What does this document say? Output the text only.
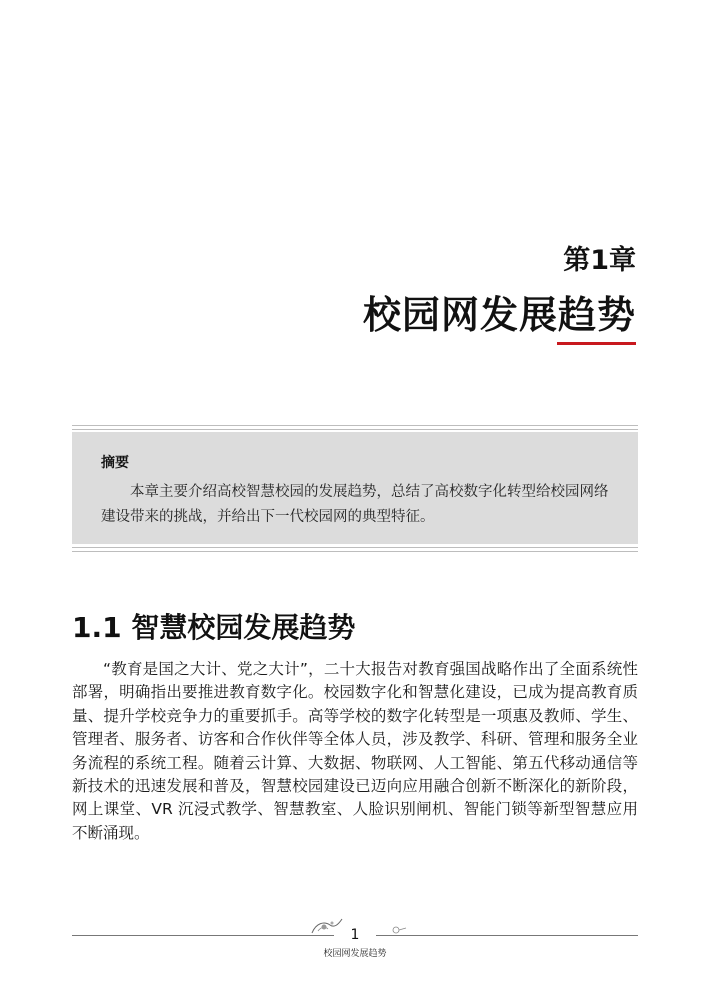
第1章
校园网发展趋势
摘要
本章主要介绍高校智慧校园的发展趋势，总结了高校数字化转型给校园网络建设带来的挑战，并给出下一代校园网的典型特征。
1.1 智慧校园发展趋势
“教育是国之大计、党之大计”，二十大报告对教育强国战略作出了全面系统性部署，明确指出要推进教育数字化。校园数字化和智慧化建设，已成为提高教育质量、提升学校竞争力的重要抓手。高等学校的数字化转型是一项惠及教师、学生、管理者、服务者、访客和合作伙伴等全体人员，涉及教学、科研、管理和服务全业务流程的系统工程。随着云计算、大数据、物联网、人工智能、第五代移动通信等新技术的迅速发展和普及，智慧校园建设已迈向应用融合创新不断深化的新阶段，网上课堂、VR 沉浸式教学、智慧教室、人脸识别闸机、智能门锁等新型智慧应用不断涌现。
1
校园网发展趋势
